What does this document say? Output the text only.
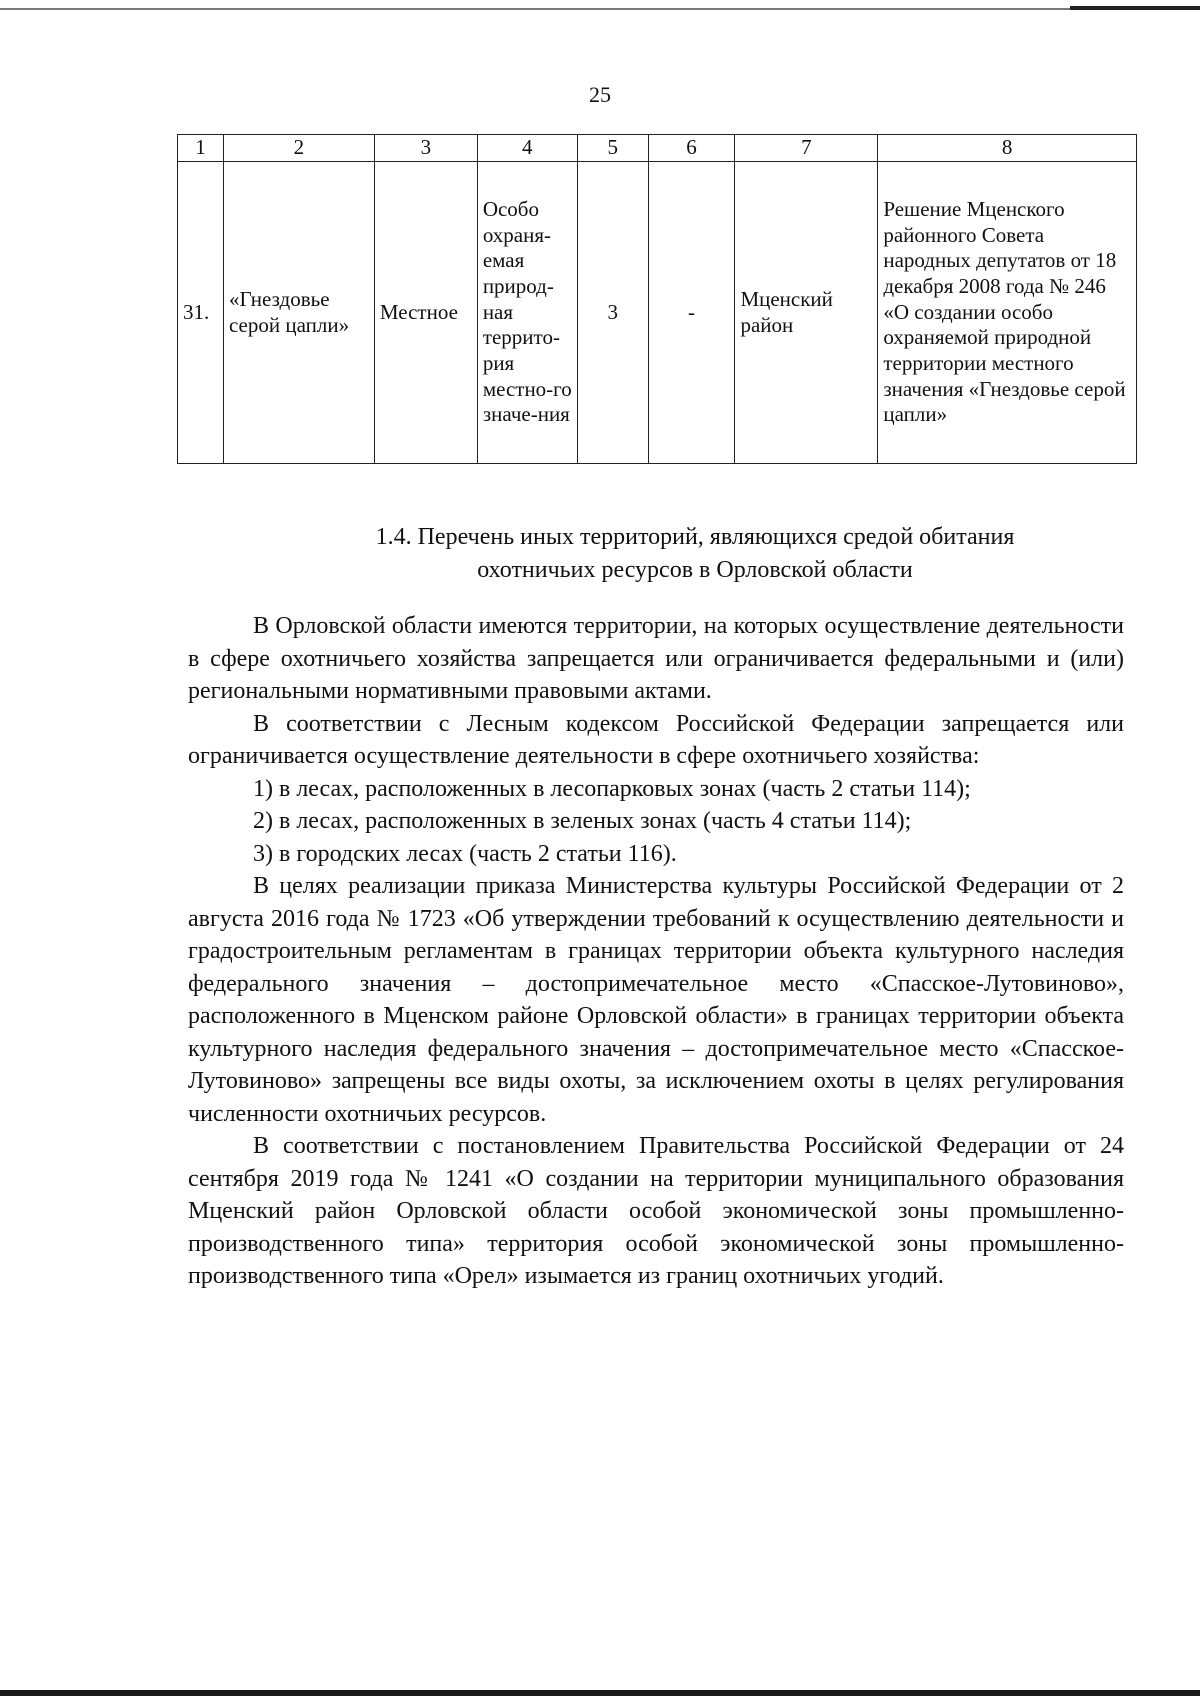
25
1	2	3	4	5	6	7	8
31.	«Гнездовье серой цапли»	Местное	Особо охраня-емая природ-ная террито-рия местно-го значе-ния	3	-	Мценский район	Решение Мценского районного Совета народных депутатов от 18 декабря 2008 года № 246 «О создании особо охраняемой природной территории местного значения «Гнездовье серой цапли»
1.4. Перечень иных территорий, являющихся средой обитания
охотничьих ресурсов в Орловской области

В Орловской области имеются территории, на которых осуществление деятельности в сфере охотничьего хозяйства запрещается или ограничивается федеральными и (или) региональными нормативными правовыми актами.

В соответствии с Лесным кодексом Российской Федерации запрещается или ограничивается осуществление деятельности в сфере охотничьего хозяйства:

1) в лесах, расположенных в лесопарковых зонах (часть 2 статьи 114);

2) в лесах, расположенных в зеленых зонах (часть 4 статьи 114);

3) в городских лесах (часть 2 статьи 116).

В целях реализации приказа Министерства культуры Российской Федерации от 2 августа 2016 года № 1723 «Об утверждении требований к осуществлению деятельности и градостроительным регламентам в границах территории объекта культурного наследия федерального значения – достопримечательное место «Спасское-Лутовиново», расположенного в Мценском районе Орловской области» в границах территории объекта культурного наследия федерального значения – достопримечательное место «Спасское-Лутовиново» запрещены все виды охоты, за исключением охоты в целях регулирования численности охотничьих ресурсов.

В соответствии с постановлением Правительства Российской Федерации от 24 сентября 2019 года № 1241 «О создании на территории муниципального образования Мценский район Орловской области особой экономической зоны промышленно-производственного типа» территория особой экономической зоны промышленно-производственного типа «Орел» изымается из границ охотничьих угодий.
